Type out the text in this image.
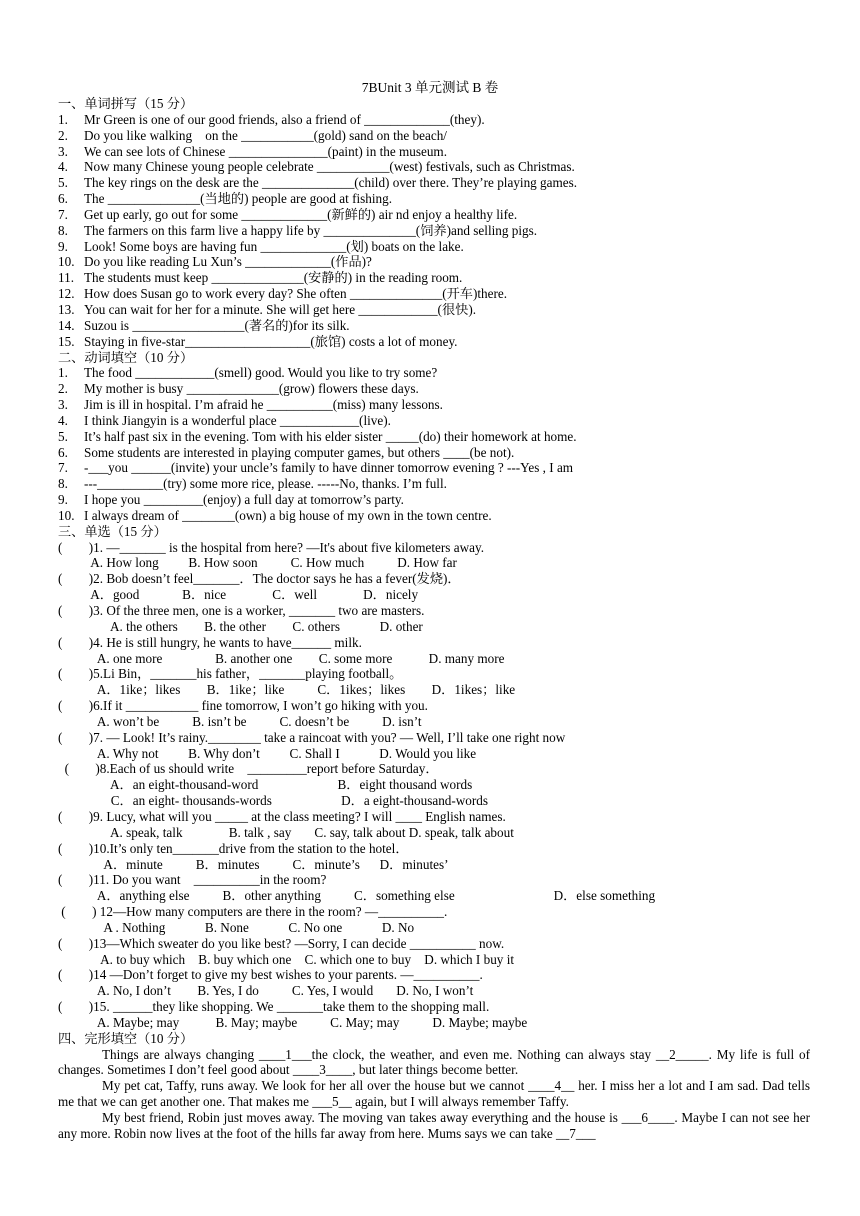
7BUnit 3 单元测试 B 卷
一、单词拼写（15 分）
1. Mr Green is one of our good friends, also a friend of _____________(they).
2. Do you like walking    on the ___________(gold) sand on the beach/
3. We can see lots of Chinese _______________(paint) in the museum.
4. Now many Chinese young people celebrate ___________(west) festivals, such as Christmas.
5. The key rings on the desk are the ______________(child) over there. They’re playing games.
6. The ______________(当地的) people are good at fishing.
7. Get up early, go out for some _____________(新鲜的) air nd enjoy a healthy life.
8. The farmers on this farm live a happy life by ______________(饲养)and selling pigs.
9. Look! Some boys are having fun _____________(划) boats on the lake.
10. Do you like reading Lu Xun’s _____________(作品)?
11. The students must keep ______________(安静的) in the reading room.
12. How does Susan go to work every day? She often ______________(开车)there.
13. You can wait for her for a minute. She will get here ____________(很快).
14. Suzou is _________________(著名的)for its silk.
15. Staying in five-star___________________(旅馆) costs a lot of money.
二、动词填空（10 分）
1. The food ____________(smell) good. Would you like to try some?
2. My mother is busy ______________(grow) flowers these days.
3. Jim is ill in hospital. I’m afraid he __________(miss) many lessons.
4. I think Jiangyin is a wonderful place ____________(live).
5. It’s half past six in the evening. Tom with his elder sister _____(do) their homework at home.
6. Some students are interested in playing computer games, but others ____(be not).
7. -___you ______(invite) your uncle’s family to have dinner tomorrow evening ? ---Yes , I am
8. ---__________(try) some more rice, please. -----No, thanks. I’m full.
9. I hope you _________(enjoy) a full day at tomorrow’s party.
10. I always dream of ________(own) a big house of my own in the town centre.
三、单选（15 分）
(        )1. —_______ is the hospital from here? —It's about five kilometers away.
A. How long         B. How soon          C. How much          D. How far
(        )2. Bob doesn’t feel_______．The doctor says he has a fever(发烧)．
A．good             B．nice              C．well              D．nicely
(        )3. Of the three men, one is a worker, _______ two are masters.
A. the others        B. the other        C. others            D. other
(        )4. He is still hungry, he wants to have______ milk.
A. one more                B. another one        C. some more           D. many more
(        )5.Li Bin，_______his father，_______playing football。
A．1ike；likes        B．1ike；like          C．1ikes；likes        D．1ikes；like
(        )6.If it ___________ fine tomorrow, I won’t go hiking with you.
A. won’t be          B. isn’t be          C. doesn’t be          D. isn’t
(        )7. — Look! It’s rainy.________ take a raincoat with you? — Well, I’ll take one right now
A. Why not         B. Why don’t         C. Shall I            D. Would you like
(        )8.Each of us should write    _________report before Saturday．
A．an eight-thousand-word                        B．eight thousand words
C．an eight- thousands-words                     D．a eight-thousand-words
(        )9. Lucy, what will you _____ at the class meeting? I will ____ English names.
A. speak, talk              B. talk , say       C. say, talk about D. speak, talk about
(        )10.It’s only ten_______drive from the station to the hotel．
A．minute          B．minutes          C．minute’s      D．minutes’
(        )11. Do you want    __________in the room?
A．anything else          B．other anything          C．something else                              D．else something
(        ) 12—How many computers are there in the room? —__________.
A . Nothing            B. None            C. No one            D. No
(        )13—Which sweater do you like best? —Sorry, I can decide __________ now.
A. to buy which    B. buy which one    C. which one to buy    D. which I buy it
(        )14 —Don’t forget to give my best wishes to your parents. —__________.
A. No, I don’t        B. Yes, I do          C. Yes, I would       D. No, I won’t
(        )15. ______they like shopping. We _______take them to the shopping mall.
A. Maybe; may           B. May; maybe          C. May; may          D. Maybe; maybe
四、完形填空（10 分）
Things are always changing ____1___the clock, the weather, and even me. Nothing can always stay __2_____. My life is full of changes. Sometimes I don’t feel good about ____3____, but later things become better.
My pet cat, Taffy, runs away. We look for her all over the house but we cannot ____4__ her. I miss her a lot and I am sad. Dad tells me that we can get another one. That makes me ___5__ again, but I will always remember Taffy.
My best friend, Robin just moves away. The moving van takes away everything and the house is ___6____. Maybe I can not see her any more. Robin now lives at the foot of the hills far away from here. Mums says we can take __7___
